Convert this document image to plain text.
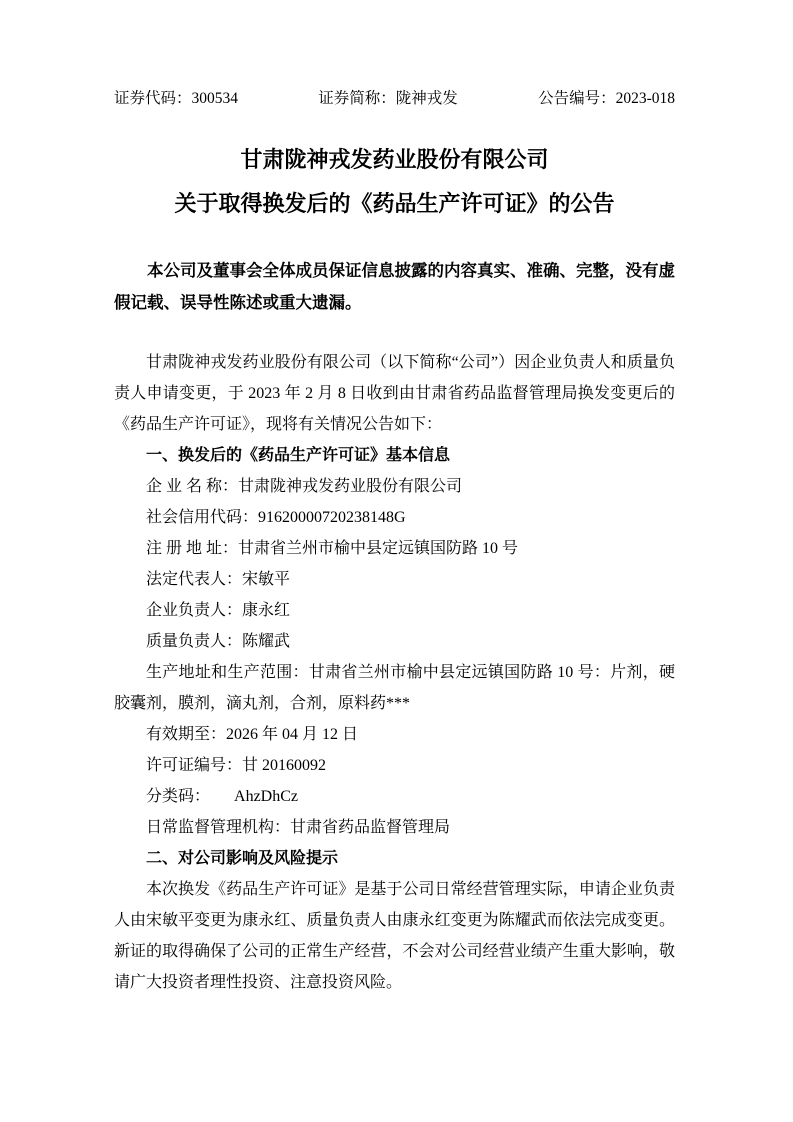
证券代码：300534	证券简称：陇神戎发	公告编号：2023-018
甘肃陇神戎发药业股份有限公司
关于取得换发后的《药品生产许可证》的公告
本公司及董事会全体成员保证信息披露的内容真实、准确、完整，没有虚假记载、误导性陈述或重大遗漏。

甘肃陇神戎发药业股份有限公司（以下简称“公司”）因企业负责人和质量负责人申请变更，于 2023 年 2 月 8 日收到由甘肃省药品监督管理局换发变更后的《药品生产许可证》，现将有关情况公告如下：

一、换发后的《药品生产许可证》基本信息

企 业 名 称：甘肃陇神戎发药业股份有限公司

社会信用代码：91620000720238148G

注 册 地 址：甘肃省兰州市榆中县定远镇国防路 10 号

法定代表人：宋敏平

企业负责人：康永红

质量负责人：陈耀武

生产地址和生产范围：甘肃省兰州市榆中县定远镇国防路 10 号：片剂，硬胶囊剂，膜剂，滴丸剂，合剂，原料药***

有效期至：2026 年 04 月 12 日

许可证编号：甘 20160092

分类码：　　AhzDhCz

日常监督管理机构：甘肃省药品监督管理局

二、对公司影响及风险提示

本次换发《药品生产许可证》是基于公司日常经营管理实际，申请企业负责人由宋敏平变更为康永红、质量负责人由康永红变更为陈耀武而依法完成变更。新证的取得确保了公司的正常生产经营，不会对公司经营业绩产生重大影响，敬请广大投资者理性投资、注意投资风险。
